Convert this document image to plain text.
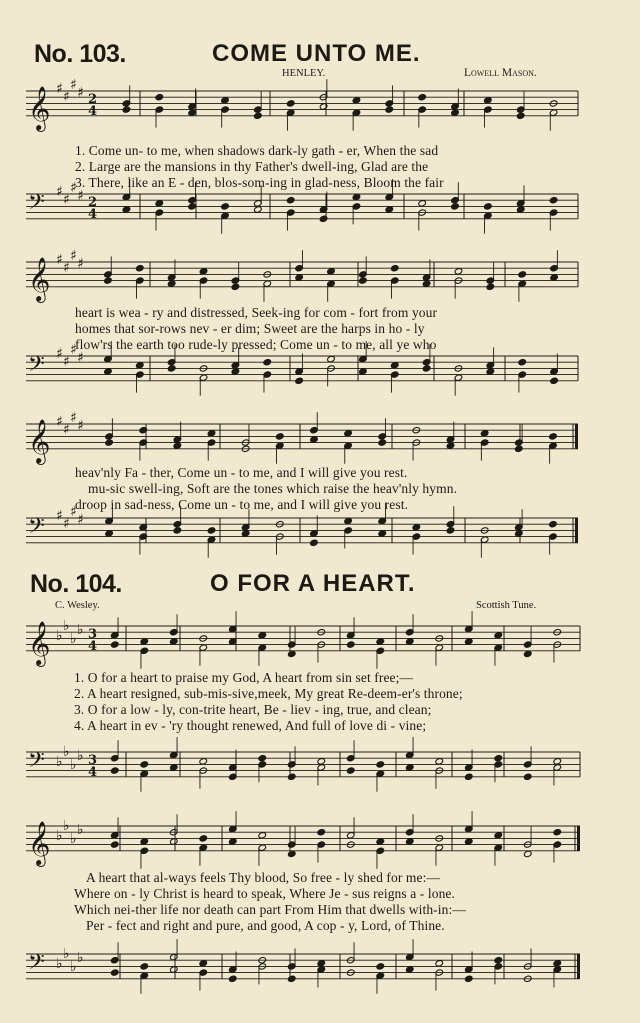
𝄞 ♯ ♯
♯ ♯ 2
4
𝄢 ♯ ♯
♯ ♯ 2
4
𝄞 ♯ ♯
♯ ♯
𝄢 ♯ ♯
♯ ♯
𝄞 ♯ ♯
♯ ♯
𝄢 ♯ ♯
♯ ♯
𝄞 ♭
♭
♭
♭ 3
4
𝄢 ♭
♭
♭
♭ 3
4
𝄞 ♭
♭
♭
♭
𝄢 ♭
♭
♭
♭
No. 103.	COME UNTO ME.
HENLEY.	Lowell Mason.
1. Come un- to me, when shadows dark-ly gath - er, When the sad
2. Large are the mansions in thy Father's dwell-ing, Glad are the
3. There, like an E - den, blos-som-ing in glad-ness, Bloom the fair
heart is wea - ry and distressed, Seek-ing for com - fort from your
homes that sor-rows nev - er dim; Sweet are the harps in ho - ly
flow'rs the earth too rude-ly pressed; Come un - to me, all ye who
heav'nly Fa - ther, Come un - to me, and I will give you rest.
mu-sic swell-ing, Soft are the tones which raise the heav'nly hymn.
droop in sad-ness, Come un - to me, and I will give you rest.
No. 104.	O FOR A HEART.
C. Wesley.	Scottish Tune.
1. O for a heart to praise my God, A heart from sin set free;—
2. A heart resigned, sub-mis-sive,meek, My great Re-deem-er's throne;
3. O for a low - ly, con-trite heart, Be - liev - ing, true, and clean;
4. A heart in ev - 'ry thought renewed, And full of love di - vine;
A heart that al-ways feels Thy blood, So free - ly shed for me:—
Where on - ly Christ is heard to speak, Where Je - sus reigns a - lone.
Which nei-ther life nor death can part From Him that dwells with-in:—
Per - fect and right and pure, and good, A cop - y, Lord, of Thine.
